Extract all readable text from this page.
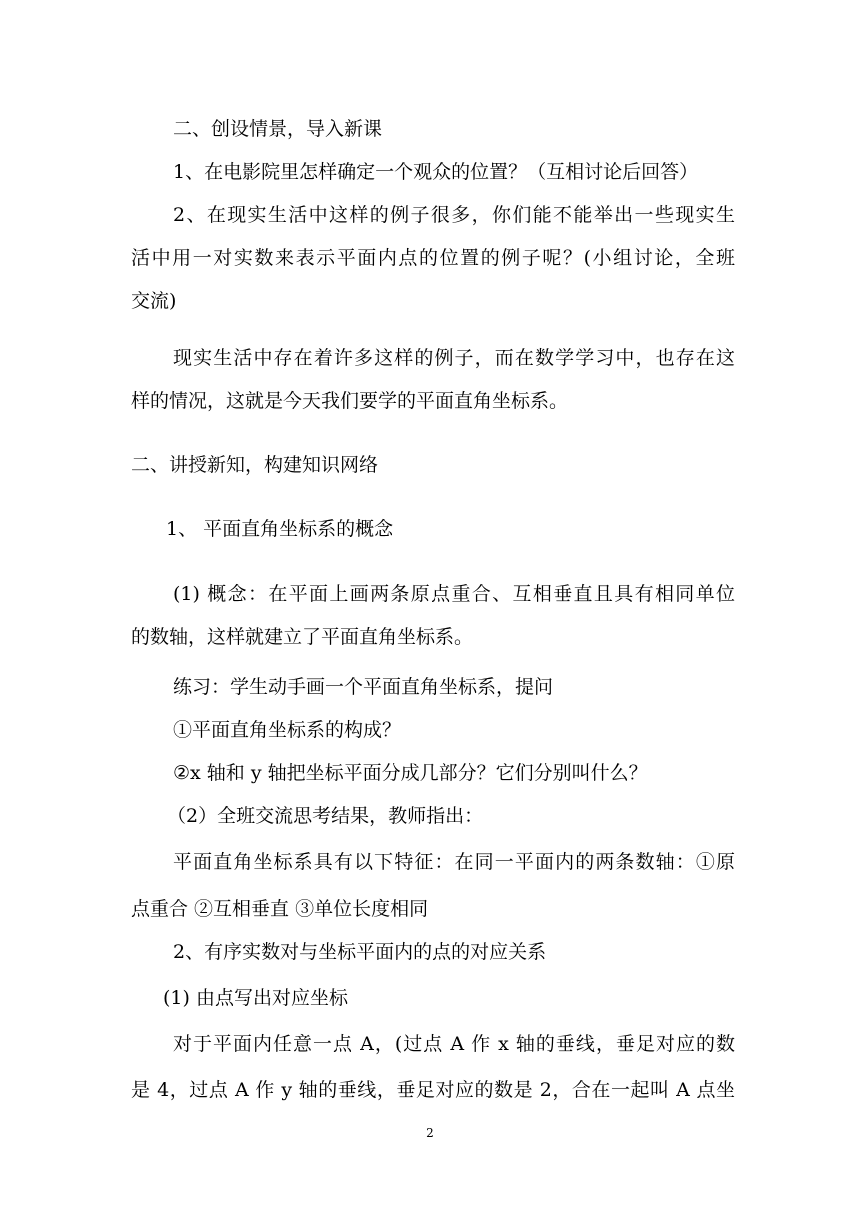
二、创设情景，导入新课
1、在电影院里怎样确定一个观众的位置？（互相讨论后回答）
2、在现实生活中这样的例子很多，你们能不能举出一些现实生
活中用一对实数来表示平面内点的位置的例子呢？(小组讨论，全班
交流)
现实生活中存在着许多这样的例子，而在数学学习中，也存在这
样的情况，这就是今天我们要学的平面直角坐标系。
二、讲授新知，构建知识网络
1、 平面直角坐标系的概念
(1) 概念：在平面上画两条原点重合、互相垂直且具有相同单位
的数轴，这样就建立了平面直角坐标系。
练习：学生动手画一个平面直角坐标系，提问
①平面直角坐标系的构成？
②x 轴和 y 轴把坐标平面分成几部分？它们分别叫什么？
（2）全班交流思考结果，教师指出：
平面直角坐标系具有以下特征：在同一平面内的两条数轴：①原
点重合 ②互相垂直 ③单位长度相同
2、有序实数对与坐标平面内的点的对应关系
(1) 由点写出对应坐标
对于平面内任意一点 A，(过点 A 作 x 轴的垂线，垂足对应的数
是 4，过点 A 作 y 轴的垂线，垂足对应的数是 2，合在一起叫 A 点坐
2
